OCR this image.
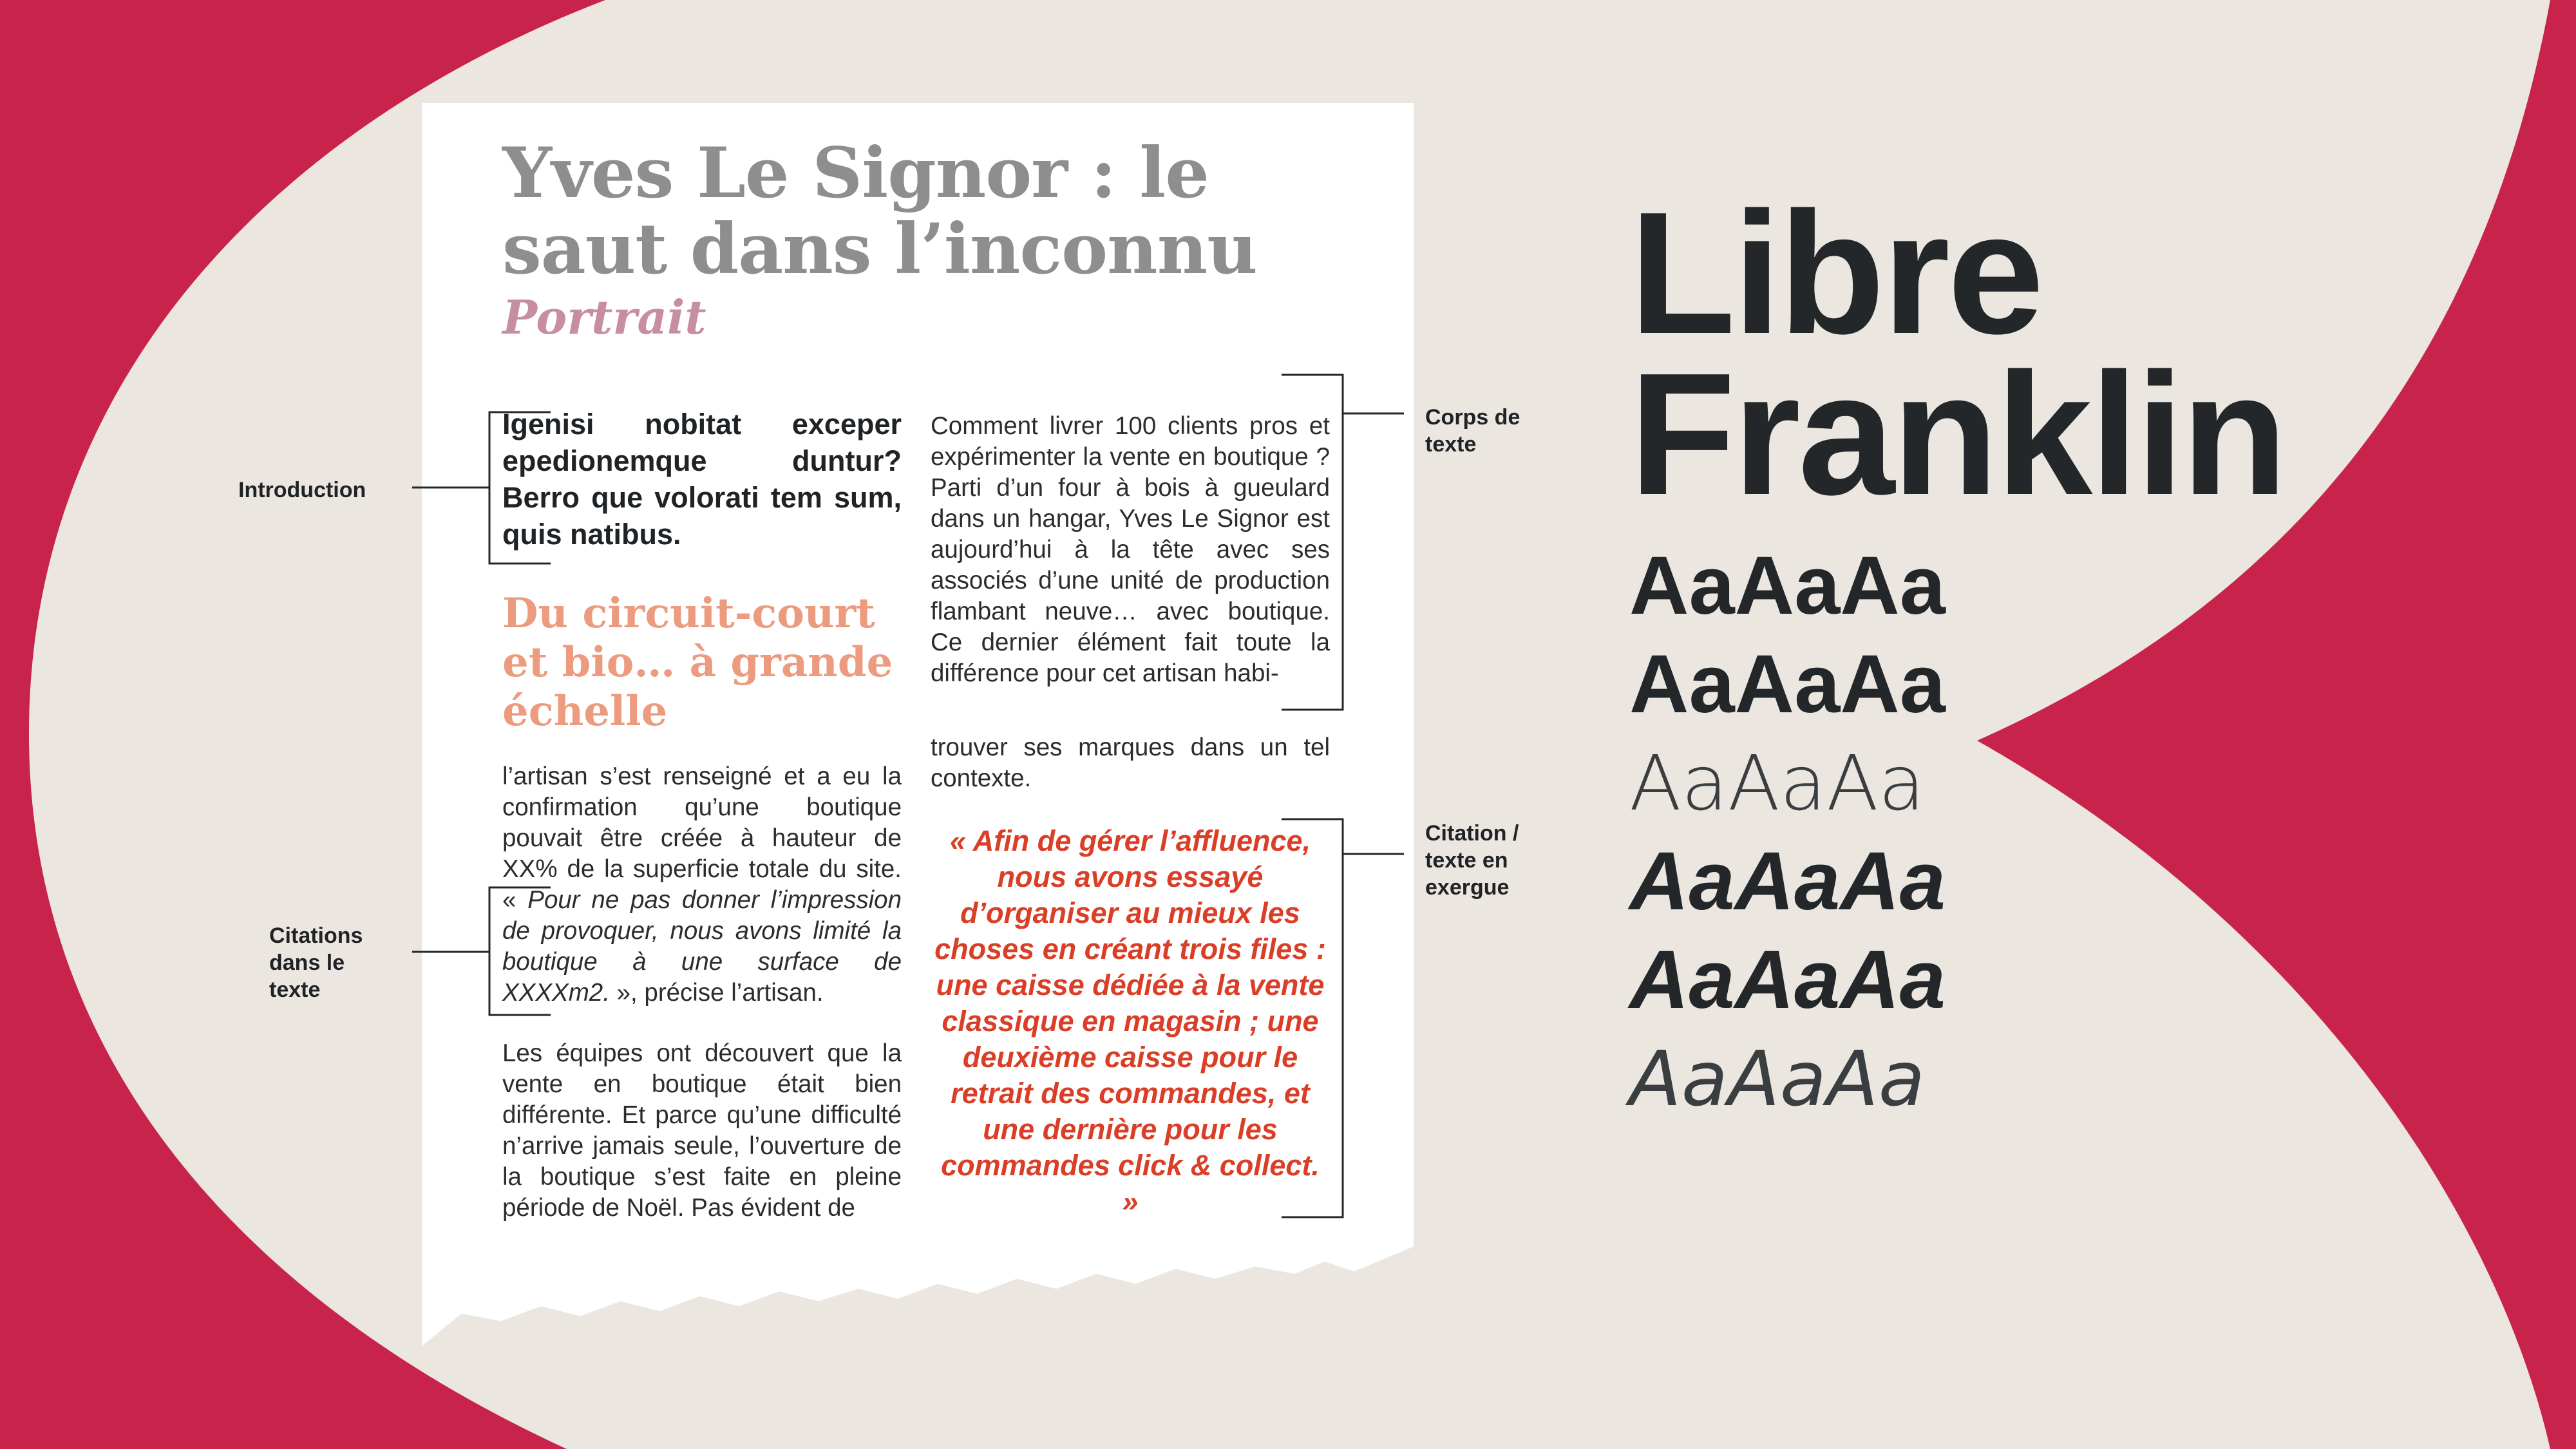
Yves Le Signor : le
saut dans l’inconnu

Portrait

Igenisi nobitat exceper epedionemque duntur? Berro que volorati tem sum, quis natibus.

Du circuit-court et bio… à grande échelle

l’artisan s’est renseigné et a eu la confirmation qu’une boutique pouvait être créée à hauteur de XX% de la superficie totale du site. « Pour ne pas donner l’impression de provoquer, nous avons limité la boutique à une surface de XXXXm2. », précise l’artisan.

Les équipes ont découvert que la vente en boutique était bien différente. Et parce qu’une difficulté n’arrive jamais seule, l’ouverture de la boutique s’est faite en pleine période de Noël. Pas évident de

Comment livrer 100 clients pros et expérimenter la vente en boutique ? Parti d’un four à bois à gueulard dans un hangar, Yves Le Signor est aujourd’hui à la tête avec ses associés d’une unité de production flambant neuve… avec boutique. Ce dernier élément fait toute la différence pour cet artisan habi-

trouver ses marques dans un tel contexte.

« Afin de gérer l’affluence, nous avons essayé d’organiser au mieux les choses en créant trois files : une caisse dédiée à la vente classique en magasin ; une deuxième caisse pour le retrait des commandes, et une dernière pour les commandes click & collect. »

Introduction
Citations
dans le
texte
Corps de
texte
Citation /
texte en
exergue
Libre
Franklin
AaAaAa
AaAaAa
AaAaAa
AaAaAa
AaAaAa
AaAaAa
